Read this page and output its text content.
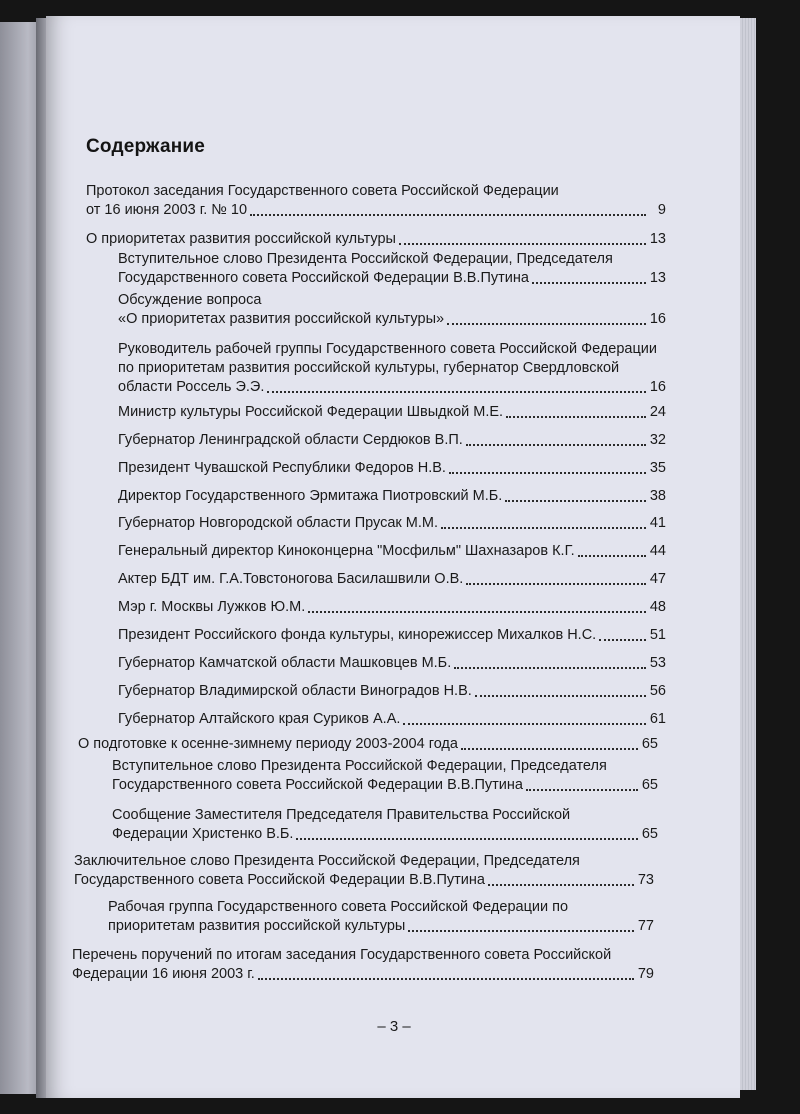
Содержание
Протокол заседания Государственного совета Российской Федерации
от 16 июня 2003 г. № 10	9
О приоритетах развития российской культуры	13
Вступительное слово Президента Российской Федерации, Председателя
Государственного совета Российской Федерации В.В.Путина	13
Обсуждение вопроса
«О приоритетах развития российской культуры»	16
Руководитель рабочей группы Государственного совета Российской Федерации
по приоритетам развития российской культуры, губернатор Свердловской
области Россель Э.Э.	16
Министр культуры Российской Федерации Швыдкой М.Е.	24
Губернатор Ленинградской области Сердюков В.П.	32
Президент Чувашской Республики Федоров Н.В.	35
Директор Государственного Эрмитажа Пиотровский М.Б.	38
Губернатор Новгородской области Прусак М.М.	41
Генеральный директор Киноконцерна "Мосфильм" Шахназаров К.Г.	44
Актер БДТ им. Г.А.Товстоногова Басилашвили О.В.	47
Мэр г. Москвы Лужков Ю.М.	48
Президент Российского фонда культуры, кинорежиссер Михалков Н.С.	51
Губернатор Камчатской области Машковцев М.Б.	53
Губернатор Владимирской области Виноградов Н.В.	56
Губернатор Алтайского края Суриков А.А.	61
О подготовке к осенне-зимнему периоду 2003-2004 года	65
Вступительное слово Президента Российской Федерации, Председателя
Государственного совета Российской Федерации В.В.Путина	65
Сообщение Заместителя Председателя Правительства Российской
Федерации Христенко В.Б.	65
Заключительное слово Президента Российской Федерации, Председателя
Государственного совета Российской Федерации В.В.Путина	73
Рабочая группа Государственного совета Российской Федерации по
приоритетам развития российской культуры	77
Перечень поручений по итогам заседания Государственного совета Российской
Федерации 16 июня 2003 г.	79
– 3 –
